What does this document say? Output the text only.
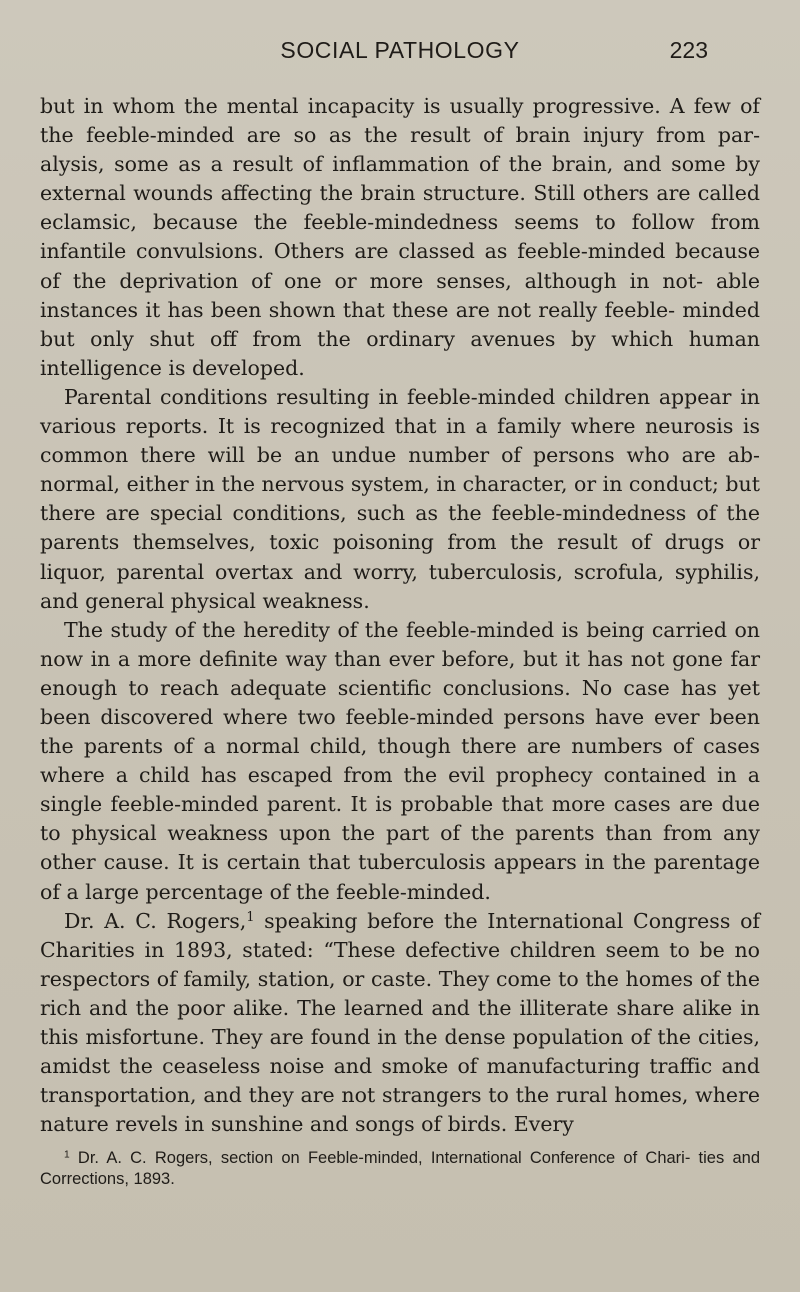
SOCIAL PATHOLOGY	223

but in whom the mental incapacity is usually progressive. A few of the feeble-minded are so as the result of brain injury from par- alysis, some as a result of inflammation of the brain, and some by external wounds affecting the brain structure. Still others are called eclamsic, because the feeble-mindedness seems to follow from infantile convulsions. Others are classed as feeble-minded because of the deprivation of one or more senses, although in not- able instances it has been shown that these are not really feeble- minded but only shut off from the ordinary avenues by which human intelligence is developed.

Parental conditions resulting in feeble-minded children appear in various reports. It is recognized that in a family where neurosis is common there will be an undue number of persons who are ab- normal, either in the nervous system, in character, or in conduct; but there are special conditions, such as the feeble-mindedness of the parents themselves, toxic poisoning from the result of drugs or liquor, parental overtax and worry, tuberculosis, scrofula, syphilis, and general physical weakness.

The study of the heredity of the feeble-minded is being carried on now in a more definite way than ever before, but it has not gone far enough to reach adequate scientific conclusions. No case has yet been discovered where two feeble-minded persons have ever been the parents of a normal child, though there are numbers of cases where a child has escaped from the evil prophecy contained in a single feeble-minded parent. It is probable that more cases are due to physical weakness upon the part of the parents than from any other cause. It is certain that tuberculosis appears in the parentage of a large percentage of the feeble-minded.

Dr. A. C. Rogers,$^1$ speaking before the International Congress of Charities in 1893, stated: “These defective children seem to be no respectors of family, station, or caste. They come to the homes of the rich and the poor alike. The learned and the illiterate share alike in this misfortune. They are found in the dense population of the cities, amidst the ceaseless noise and smoke of manufacturing traffic and transportation, and they are not strangers to the rural homes, where nature revels in sunshine and songs of birds. Every

$^1$ Dr. A. C. Rogers, section on Feeble-minded, International Conference of Chari- ties and Corrections, 1893.
